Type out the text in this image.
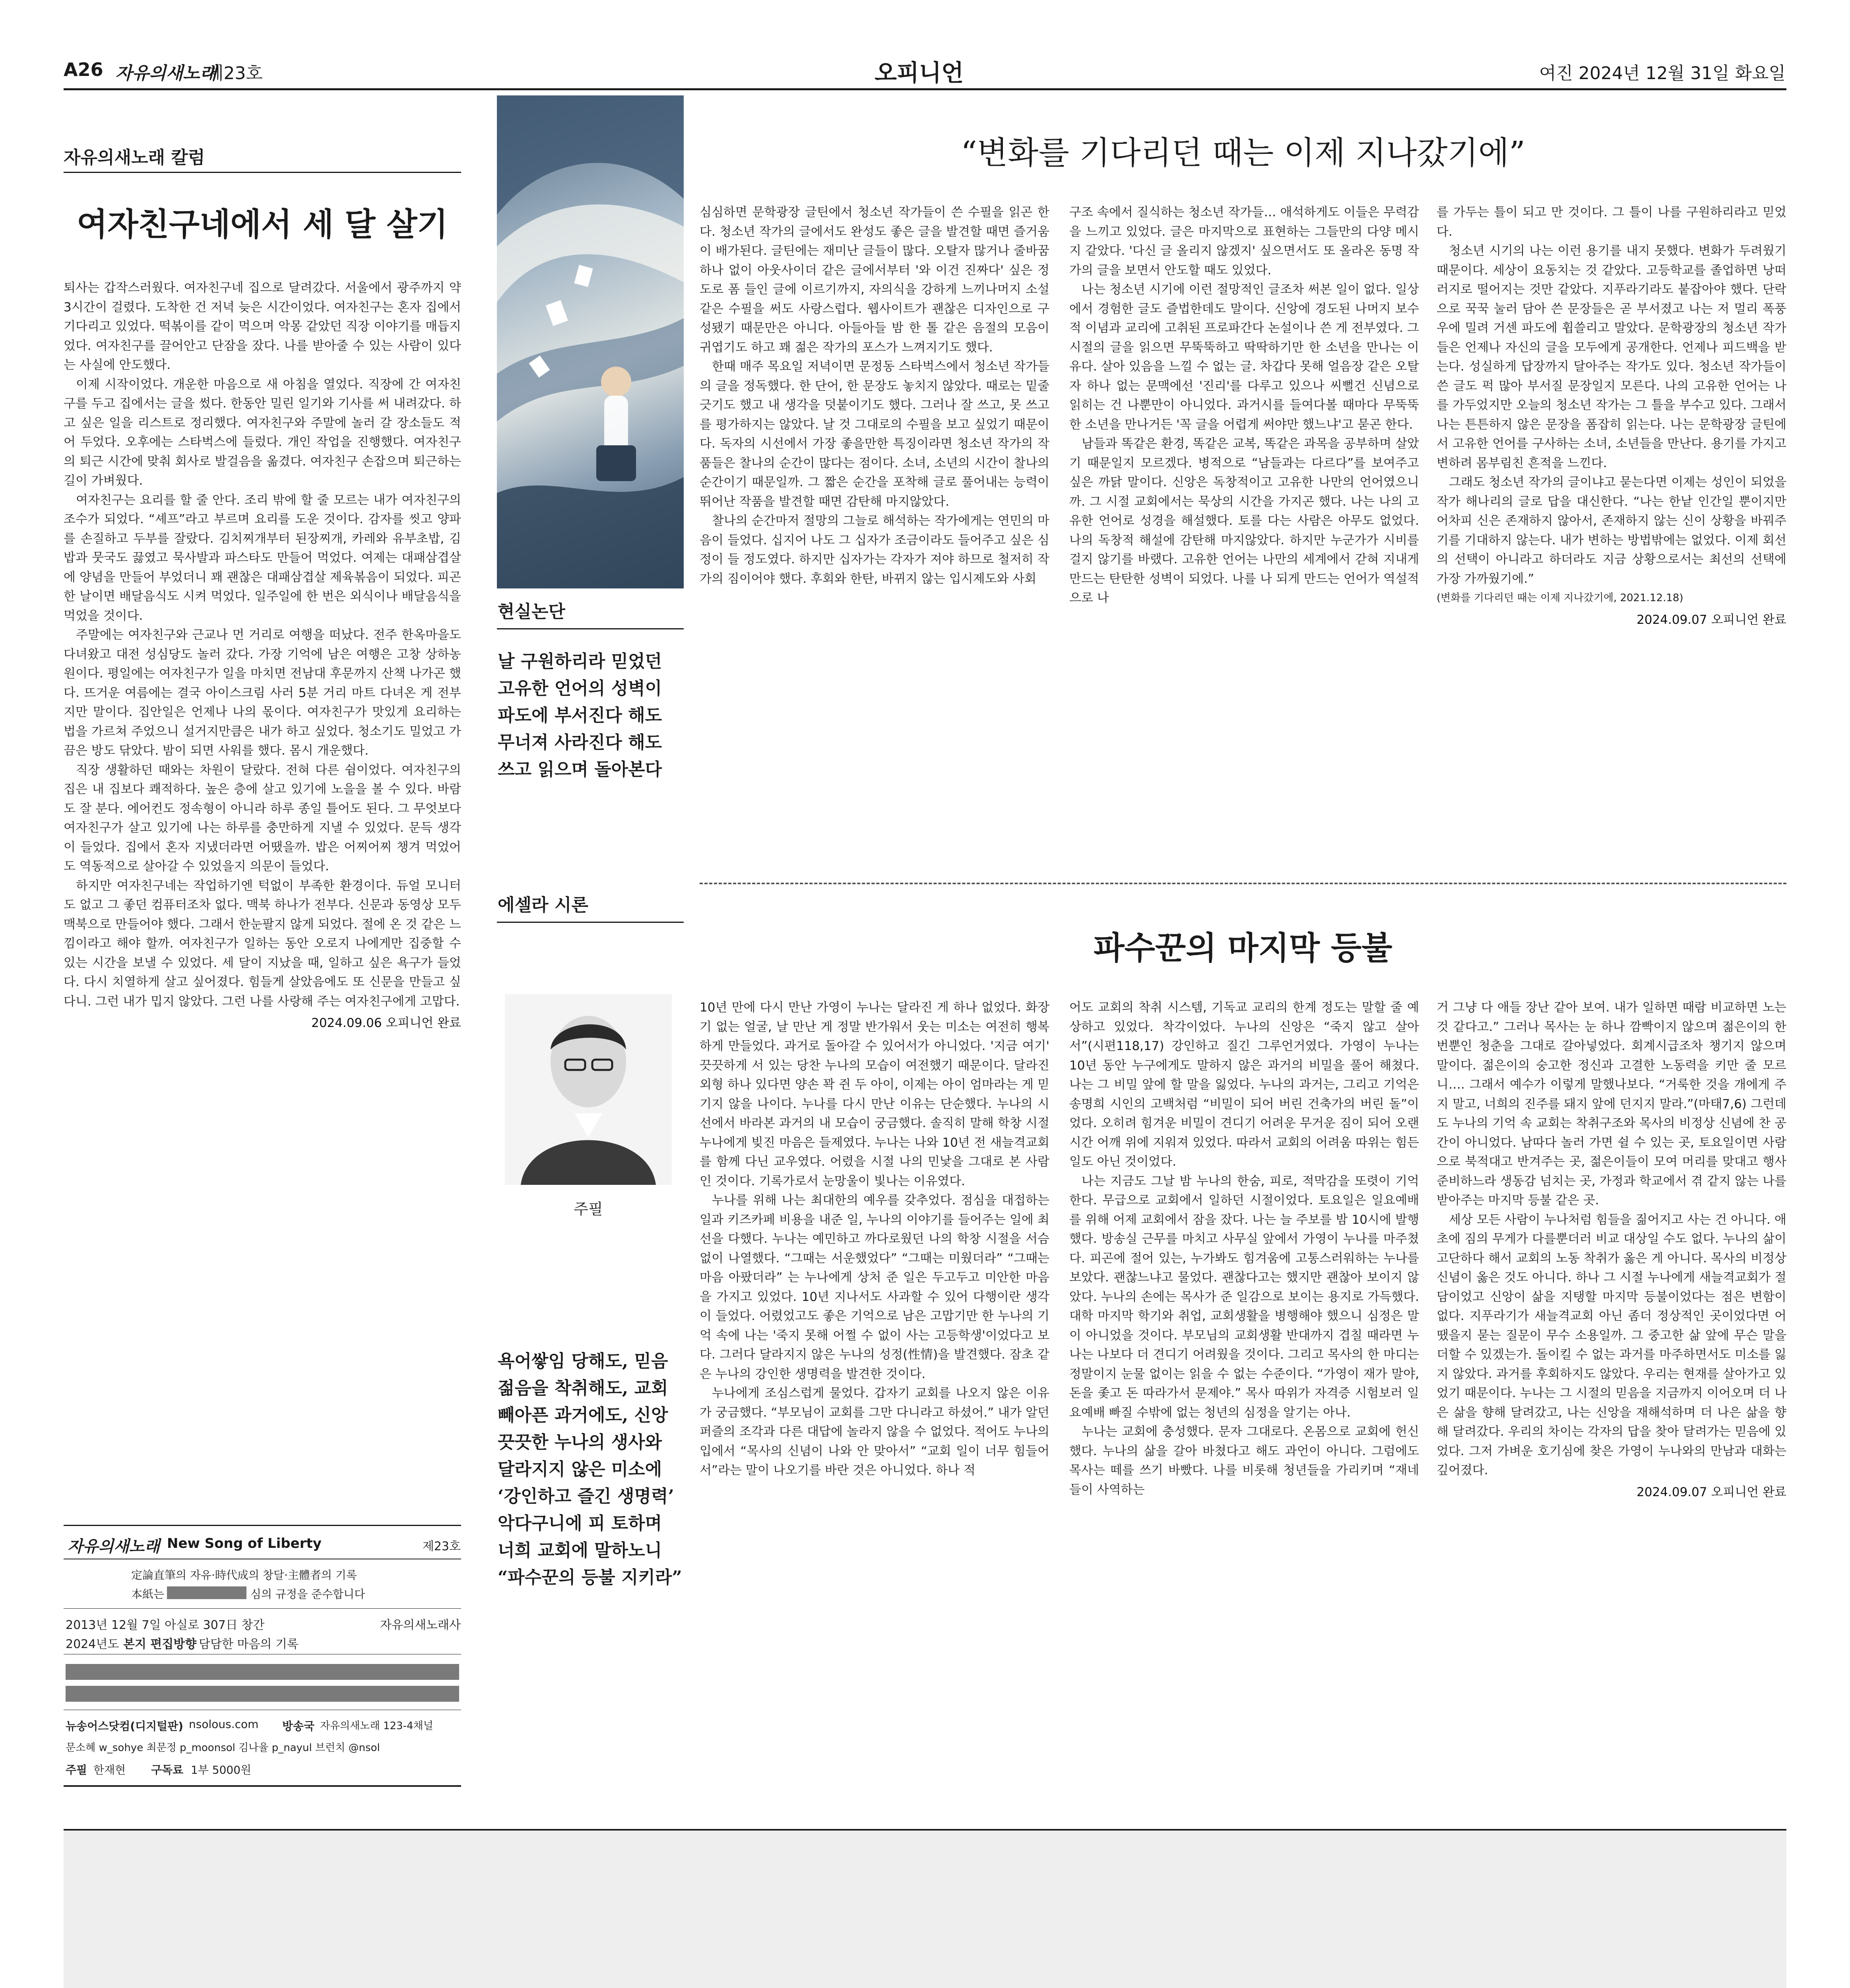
A26 자유의새노래
제23호	오피니언	여진 2024년 12월 31일 화요일
자유의새노래 칼럼
여자친구네에서 세 달 살기

퇴사는 갑작스러웠다. 여자친구네 집으로 달려갔다. 서울에서 광주까지 약 3시간이 걸렸다. 도착한 건 저녁 늦은 시간이었다. 여자친구는 혼자 집에서 기다리고 있었다. 떡볶이를 같이 먹으며 악몽 같았던 직장 이야기를 매듭지었다. 여자친구를 끌어안고 단잠을 잤다. 나를 받아줄 수 있는 사람이 있다는 사실에 안도했다.

이제 시작이었다. 개운한 마음으로 새 아침을 열었다. 직장에 간 여자친구를 두고 집에서는 글을 썼다. 한동안 밀린 일기와 기사를 써 내려갔다. 하고 싶은 일을 리스트로 정리했다. 여자친구와 주말에 놀러 갈 장소들도 적어 두었다. 오후에는 스타벅스에 들렀다. 개인 작업을 진행했다. 여자친구의 퇴근 시간에 맞춰 회사로 발걸음을 옮겼다. 여자친구 손잡으며 퇴근하는 길이 가벼웠다.

여자친구는 요리를 할 줄 안다. 조리 밖에 할 줄 모르는 내가 여자친구의 조수가 되었다. “셰프”라고 부르며 요리를 도운 것이다. 감자를 씻고 양파를 손질하고 두부를 잘랐다. 김치찌개부터 된장찌개, 카레와 유부초밥, 김밥과 뭇국도 끓였고 묵사발과 파스타도 만들어 먹었다. 여제는 대패삼겹살에 양념을 만들어 부었더니 꽤 괜찮은 대패삼겹살 제육볶음이 되었다. 피곤한 날이면 배달음식도 시켜 먹었다. 일주일에 한 번은 외식이나 배달음식을 먹었을 것이다.

주말에는 여자친구와 근교나 먼 거리로 여행을 떠났다. 전주 한옥마을도 다녀왔고 대전 성심당도 놀러 갔다. 가장 기억에 남은 여행은 고창 상하농원이다. 평일에는 여자친구가 일을 마치면 전남대 후문까지 산책 나가곤 했다. 뜨거운 여름에는 결국 아이스크림 사러 5분 거리 마트 다녀온 게 전부지만 말이다. 집안일은 언제나 나의 몫이다. 여자친구가 맛있게 요리하는 법을 가르쳐 주었으니 설거지만큼은 내가 하고 싶었다. 청소기도 밀었고 가끔은 방도 닦았다. 밤이 되면 사워를 했다. 몸시 개운했다.

직장 생활하던 때와는 차원이 달랐다. 전혀 다른 쉼이었다. 여자친구의 집은 내 집보다 쾌적하다. 높은 층에 살고 있기에 노을을 볼 수 있다. 바람도 잘 분다. 에어컨도 정속형이 아니라 하루 종일 틀어도 된다. 그 무엇보다 여자친구가 살고 있기에 나는 하루를 충만하게 지낼 수 있었다. 문득 생각이 들었다. 집에서 혼자 지냈더라면 어땠을까. 밥은 어찌어찌 챙겨 먹었어도 역동적으로 살아갈 수 있었을지 의문이 들었다.

하지만 여자친구네는 작업하기엔 턱없이 부족한 환경이다. 듀얼 모니터도 없고 그 좋던 컴퓨터조차 없다. 맥북 하나가 전부다. 신문과 동영상 모두 맥북으로 만들어야 했다. 그래서 한눈팔지 않게 되었다. 절에 온 것 같은 느낌이라고 해야 할까. 여자친구가 일하는 동안 오로지 나에게만 집중할 수 있는 시간을 보낼 수 있었다. 세 달이 지났을 때, 일하고 싶은 욕구가 들었다. 다시 치열하게 살고 싶어졌다. 힘들게 살았음에도 또 신문을 만들고 싶다니. 그런 내가 밉지 않았다. 그런 나를 사랑해 주는 여자친구에게 고맙다.

2024.09.06 오피니언 완료
자유의새노래 New Song of Liberty	제23호
定論直筆의 자유·時代成의 창달·主體者의 기록
本紙는	심의 규정을 준수합니다
2013년 12월 7일 아실로 307日 창간	자유의새노래사
2024년도 본지 편집방향 담담한 마음의 기록
뉴송어스닷컴(디지털판) nsolous.com 방송국 자유의새노래 123-4채널
문소혜 w_sohye 최문정 p_moonsol 김나율 p_nayul 브런치 @nsol
주필 한재현 구독료 1부 5000원
현실논단
날 구원하리라 믿었던 고유한 언어의 성벽이 파도에 부서진다 해도 무너져 사라진다 해도 쓰고 읽으며 돌아본다
“변화를 기다리던 때는 이제 지나갔기에”

심심하면 문학광장 글틴에서 청소년 작가들이 쓴 수필을 읽곤 한다. 청소년 작가의 글에서도 완성도 좋은 글을 발견할 때면 즐거움이 배가된다. 글틴에는 재미난 글들이 많다. 오탈자 많거나 줄바꿈 하나 없이 아웃사이더 같은 글에서부터 '와 이건 진짜다' 싶은 정도로 폼 들인 글에 이르기까지, 자의식을 강하게 느끼나머지 소설 같은 수필을 써도 사랑스럽다. 웹사이트가 괜찮은 디자인으로 구성됐기 때문만은 아니다. 아들아들 밤 한 톨 같은 음절의 모음이 귀엽기도 하고 꽤 젊은 작가의 포스가 느껴지기도 했다.

한때 매주 목요일 저녁이면 문정동 스타벅스에서 청소년 작가들의 글을 정독했다. 한 단어, 한 문장도 놓치지 않았다. 때로는 밑줄 긋기도 했고 내 생각을 덧붙이기도 했다. 그러나 잘 쓰고, 못 쓰고를 평가하지는 않았다. 날 것 그대로의 수필을 보고 싶었기 때문이다. 독자의 시선에서 가장 좋을만한 특징이라면 청소년 작가의 작품들은 찰나의 순간이 많다는 점이다. 소녀, 소년의 시간이 찰나의 순간이기 때문일까. 그 짧은 순간을 포착해 글로 풀어내는 능력이 뛰어난 작품을 발견할 때면 감탄해 마지않았다.

찰나의 순간마저 절망의 그늘로 해석하는 작가에게는 연민의 마음이 들었다. 십지어 나도 그 십자가 조금이라도 들어주고 싶은 심정이 들 정도였다. 하지만 십자가는 각자가 져야 하므로 철저히 작가의 짐이어야 했다. 후회와 한탄, 바뀌지 않는 입시제도와 사회

구조 속에서 질식하는 청소년 작가들… 애석하게도 이들은 무력감을 느끼고 있었다. 글은 마지막으로 표현하는 그들만의 다양 메시지 같았다. '다신 글 올리지 않겠지' 싶으면서도 또 올라온 동명 작가의 글을 보면서 안도할 때도 있었다.

나는 청소년 시기에 이런 절망적인 글조차 써본 일이 없다. 일상에서 경험한 글도 즐법한데도 말이다. 신앙에 경도된 나머지 보수적 이념과 교리에 고취된 프로파간다 논설이나 쓴 게 전부였다. 그 시절의 글을 읽으면 무뚝뚝하고 딱딱하기만 한 소년을 만나는 이유다. 살아 있음을 느낄 수 없는 글. 차갑다 못해 얼음장 같은 오탈자 하나 없는 문맥에선 '진리'를 다루고 있으나 씨뻘건 신념으로 읽히는 건 나뿐만이 아니었다. 과거시를 들여다볼 때마다 무뚝뚝한 소년을 만나거든 '꼭 글을 어렵게 써야만 했느냐'고 묻곤 한다.

남들과 똑같은 환경, 똑같은 교복, 똑같은 과목을 공부하며 살았기 때문일지 모르겠다. 병적으로 “남들과는 다르다”를 보여주고 싶은 까닭 말이다. 신앙은 독창적이고 고유한 나만의 언어였으니까. 그 시절 교회에서는 묵상의 시간을 가지곤 했다. 나는 나의 고유한 언어로 성경을 해설했다. 토를 다는 사람은 아무도 없었다. 나의 독창적 해설에 감탄해 마지않았다. 하지만 누군가가 시비를 걸지 않기를 바랬다. 고유한 언어는 나만의 세계에서 갇혀 지내게 만드는 탄탄한 성벽이 되었다. 나를 나 되게 만드는 언어가 역설적으로 나

를 가두는 틀이 되고 만 것이다. 그 틀이 나를 구원하리라고 믿었다.

청소년 시기의 나는 이런 용기를 내지 못했다. 변화가 두려웠기 때문이다. 세상이 요동치는 것 같았다. 고등학교를 졸업하면 낭떠러지로 떨어지는 것만 같았다. 지푸라기라도 붙잡아야 했다. 단락으로 꾹꾹 눌러 담아 쓴 문장들은 곧 부서졌고 나는 저 멀리 폭풍우에 밀려 거센 파도에 휩쓸리고 말았다. 문학광장의 청소년 작가들은 언제나 자신의 글을 모두에게 공개한다. 언제나 피드백을 받는다. 성실하게 답장까지 달아주는 작가도 있다. 청소년 작가들이 쓴 글도 퍽 많아 부서질 문장일지 모른다. 나의 고유한 언어는 나를 가두었지만 오늘의 청소년 작가는 그 틀을 부수고 있다. 그래서 나는 튼튼하지 않은 문장을 폼잡히 읽는다. 나는 문학광장 글틴에서 고유한 언어를 구사하는 소녀, 소년들을 만난다. 용기를 가지고 변하려 몸부림친 흔적을 느낀다.

그래도 청소년 작가의 글이냐고 묻는다면 이제는 성인이 되었을 작가 해나리의 글로 답을 대신한다. “나는 한낱 인간일 뿐이지만 어차피 신은 존재하지 않아서, 존재하지 않는 신이 상황을 바꿔주기를 기대하지 않는다. 내가 변하는 방법밖에는 없었다. 이제 회선의 선택이 아니라고 하더라도 지금 상황으로서는 최선의 선택에 가장 가까웠기에.”

(변화를 기다리던 때는 이제 지나갔기에, 2021.12.18)

2024.09.07 오피니언 완료
에셀라 시론
주필
욕어쌓임 당해도, 믿음 젊음을 착취해도, 교회 빼아픈 과거에도, 신앙 끗끗한 누나의 생사와 달라지지 않은 미소에 ‘강인하고 즐긴 생명력’ 악다구니에 피 토하며 너희 교회에 말하노니 “파수꾼의 등불 지키라”
파수꾼의 마지막 등불

10년 만에 다시 만난 가영이 누나는 달라진 게 하나 없었다. 화장기 없는 얼굴, 날 만난 게 정말 반가워서 웃는 미소는 여전히 행복하게 만들었다. 과거로 돌아갈 수 있어서가 아니었다. '지금 여기' 끗끗하게 서 있는 당찬 누나의 모습이 여전했기 때문이다. 달라진 외형 하나 있다면 양손 꽉 쥔 두 아이, 이제는 아이 엄마라는 게 믿기지 않을 나이다. 누나를 다시 만난 이유는 단순했다. 누나의 시선에서 바라본 과거의 내 모습이 궁금했다. 솔직히 말해 학창 시절 누나에게 빚진 마음은 들제였다. 누나는 나와 10년 전 새늘격교회를 함께 다닌 교우였다. 어렸을 시절 나의 민낯을 그대로 본 사람인 것이다. 기록가로서 눈망울이 빛나는 이유였다.

누나를 위해 나는 최대한의 예우를 갖추었다. 점심을 대접하는 일과 키즈카페 비용을 내준 일, 누나의 이야기를 들어주는 일에 최선을 다했다. 누나는 예민하고 까다로웠던 나의 학창 시절을 서슴없이 나열했다. “그때는 서운했었다” “그때는 미웠더라” “그때는 마음 아팠더라” 는 누나에게 상처 준 일은 두고두고 미안한 마음을 가지고 있었다. 10년 지나서도 사과할 수 있어 다행이란 생각이 들었다. 어렸었고도 좋은 기억으로 남은 고맙기만 한 누나의 기억 속에 나는 '죽지 못해 어쩔 수 없이 사는 고등학생'이었다고 보다. 그러다 달라지지 않은 누나의 성정(性情)을 발견했다. 잠초 같은 누나의 강인한 생명력을 발견한 것이다.

누나에게 조심스럽게 물었다. 갑자기 교회를 나오지 않은 이유가 궁금했다. “부모님이 교회를 그만 다니라고 하셨어.” 내가 알던 퍼즐의 조각과 다른 대답에 놀라지 않을 수 없었다. 적어도 누나의 입에서 “목사의 신념이 나와 안 맞아서” “교회 일이 너무 힘들어서”라는 말이 나오기를 바란 것은 아니었다. 하나 적

어도 교회의 착취 시스템, 기독교 교리의 한계 정도는 말할 줄 예상하고 있었다. 착각이었다. 누나의 신앙은 “죽지 않고 살아서”(시편118,17) 강인하고 질긴 그루언거였다. 가영이 누나는 10년 동안 누구에게도 말하지 않은 과거의 비밀을 풀어 해쳤다. 나는 그 비밀 앞에 할 말을 잃었다. 누나의 과거는, 그리고 기억은 송명희 시인의 고백처럼 “비밀이 되어 버린 건축가의 버린 돌”이었다. 오히려 힘겨운 비밀이 견디기 어려운 무거운 짐이 되어 오랜 시간 어깨 위에 지워져 있었다. 따라서 교회의 어려움 따위는 힘든 일도 아닌 것이었다.

나는 지금도 그날 밤 누나의 한숨, 피로, 적막감을 또렷이 기억한다. 무급으로 교회에서 일하던 시절이었다. 토요일은 일요예배를 위해 어제 교회에서 잠을 잤다. 나는 늘 주보를 밤 10시에 발행했다. 방송실 근무를 마치고 사무실 앞에서 가영이 누나를 마주쳤다. 피곤에 절어 있는, 누가봐도 힘겨움에 고통스러워하는 누나를 보았다. 괜찮느냐고 물었다. 괜찮다고는 했지만 괜찮아 보이지 않았다. 누나의 손에는 목사가 준 일감으로 보이는 용지로 가득했다. 대학 마지막 학기와 취업, 교회생활을 병행해야 했으니 심정은 말이 아니었을 것이다. 부모님의 교회생활 반대까지 겹칠 때라면 누나는 나보다 더 견디기 어려웠을 것이다. 그리고 목사의 한 마디는 정말이지 눈물 없이는 읽을 수 없는 수준이다. “가영이 재가 말야, 돈을 좇고 돈 따라가서 문제야.” 목사 따위가 자격증 시험보러 일요예배 빠질 수밖에 없는 청년의 심정을 알기는 아나.

누나는 교회에 충성했다. 문자 그대로다. 온몸으로 교회에 헌신했다. 누나의 삶을 갈아 바쳤다고 해도 과언이 아니다. 그럼에도 목사는 떼를 쓰기 바빴다. 나를 비롯해 청년들을 가리키며 “재네들이 사역하는

거 그냥 다 애들 장난 같아 보여. 내가 일하면 때람 비교하면 노는 것 같다고.” 그러나 목사는 눈 하나 깜빡이지 않으며 젊은이의 한 번뿐인 청춘을 그대로 갈아넣었다. 회계시급조차 챙기지 않으며 말이다. 젊은이의 숭고한 정신과 고결한 노동력을 키만 줄 모르니…. 그래서 예수가 이렇게 말했나보다. “거룩한 것을 개에게 주지 말고, 너희의 진주를 돼지 앞에 던지지 말라.”(마태7,6) 그런데도 누나의 기억 속 교회는 착취구조와 목사의 비정상 신념에 찬 공간이 아니었다. 남따다 놀러 가면 쉴 수 있는 곳, 토요일이면 사람으로 북적대고 반겨주는 곳, 젊은이들이 모여 머리를 맞대고 행사 준비하느라 생동감 넘치는 곳, 가정과 학교에서 겪 같지 않는 나를 받아주는 마지막 등불 같은 곳.

세상 모든 사람이 누나처럼 힘들을 짊어지고 사는 건 아니다. 애초에 짐의 무게가 다를뿐더러 비교 대상일 수도 없다. 누나의 삶이 고단하다 해서 교회의 노동 착취가 옳은 게 아니다. 목사의 비정상 신념이 옳은 것도 아니다. 하나 그 시절 누나에게 새늘격교회가 절담이었고 신앙이 삶을 지탱할 마지막 등불이었다는 점은 변함이 없다. 지푸라기가 새늘격교회 아닌 좀더 정상적인 곳이었다면 어땠을지 묻는 질문이 무수 소용일까. 그 중고한 삶 앞에 무슨 말을 더할 수 있겠는가. 돌이킬 수 없는 과거를 마주하면서도 미소를 잃지 않았다. 과거를 후회하지도 않았다. 우리는 현재를 살아가고 있었기 때문이다. 누나는 그 시절의 믿음을 지금까지 이어오며 더 나은 삶을 향해 달려갔고, 나는 신앙을 재해석하며 더 나은 삶을 향해 달려갔다. 우리의 차이는 각자의 답을 찾아 달려가는 믿음에 있었다. 그저 가벼운 호기심에 찾은 가영이 누나와의 만남과 대화는 깊어졌다.

2024.09.07 오피니언 완료
